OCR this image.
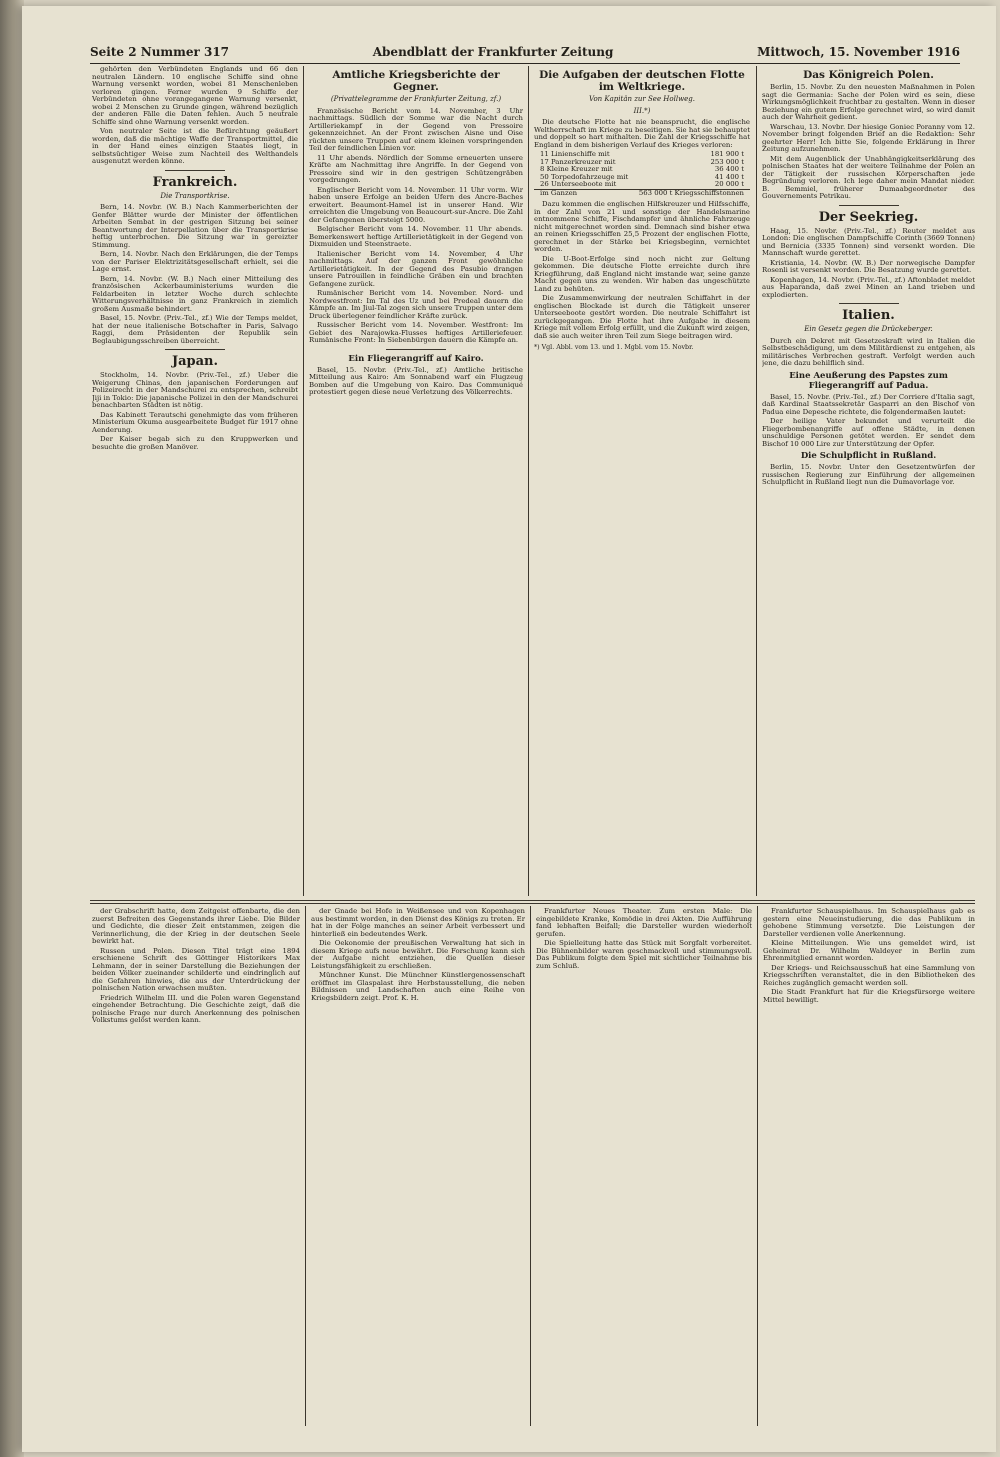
Seite 2 Nummer 317	Abendblatt der Frankfurter Zeitung	Mittwoch, 15. November 1916

gehörten den Verbündeten Englands und 66 den neutralen Ländern. 10 englische Schiffe sind ohne Warnung versenkt worden, wobei 81 Menschenleben verloren gingen. Ferner wurden 9 Schiffe der Verbündeten ohne vorangegangene Warnung versenkt, wobei 2 Menschen zu Grunde gingen, während bezüglich der anderen Fälle die Daten fehlen. Auch 5 neutrale Schiffe sind ohne Warnung versenkt worden.

Von neutraler Seite ist die Befürchtung geäußert worden, daß die mächtige Waffe der Transportmittel, die in der Hand eines einzigen Staates liegt, in selbstsüchtiger Weise zum Nachteil des Welthandels ausgenutzt werden könne.

Frankreich.
Die Transportkrise.

Bern, 14. Novbr. (W. B.) Nach Kammerberichten der Genfer Blätter wurde der Minister der öffentlichen Arbeiten Sembat in der gestrigen Sitzung bei seiner Beantwortung der Interpellation über die Transportkrise heftig unterbrochen. Die Sitzung war in gereizter Stimmung.

Bern, 14. Novbr. Nach den Erklärungen, die der Temps von der Pariser Elektrizitätsgesellschaft erhielt, sei die Lage ernst.

Bern, 14. Novbr. (W. B.) Nach einer Mitteilung des französischen Ackerbauministeriums wurden die Feldarbeiten in letzter Woche durch schlechte Witterungsverhältnisse in ganz Frankreich in ziemlich großem Ausmaße behindert.

Basel, 15. Novbr. (Priv.-Tel., zf.) Wie der Temps meldet, hat der neue italienische Botschafter in Paris, Salvago Raggi, dem Präsidenten der Republik sein Beglaubigungsschreiben überreicht.

Japan.

Stockholm, 14. Novbr. (Priv.-Tel., zf.) Ueber die Weigerung Chinas, den japanischen Forderungen auf Polizeirecht in der Mandschurei zu entsprechen, schreibt Jiji in Tokio: Die japanische Polizei in den der Mandschurei benachbarten Städten ist nötig.

Das Kabinett Terautschi genehmigte das vom früheren Ministerium Okuma ausgearbeitete Budget für 1917 ohne Aenderung.

Der Kaiser begab sich zu den Kruppwerken und besuchte die großen Manöver.

Amtliche Kriegsberichte der Gegner.
(Privattelegramme der Frankfurter Zeitung, zf.)

Französische Bericht vom 14. November, 3 Uhr nachmittags. Südlich der Somme war die Nacht durch Artilleriekampf in der Gegend von Pressoire gekennzeichnet. An der Front zwischen Aisne und Oise rückten unsere Truppen auf einem kleinen vorspringenden Teil der feindlichen Linien vor.

11 Uhr abends. Nördlich der Somme erneuerten unsere Kräfte am Nachmittag ihre Angriffe. In der Gegend von Pressoire sind wir in den gestrigen Schützengräben vorgedrungen.

Englischer Bericht vom 14. November. 11 Uhr vorm. Wir haben unsere Erfolge an beiden Ufern des Ancre-Baches erweitert. Beaumont-Hamel ist in unserer Hand. Wir erreichten die Umgebung von Beaucourt-sur-Ancre. Die Zahl der Gefangenen übersteigt 5000.

Belgischer Bericht vom 14. November. 11 Uhr abends. Bemerkenswert heftige Artillerietätigkeit in der Gegend von Dixmuiden und Steenstraete.

Italienischer Bericht vom 14. November, 4 Uhr nachmittags. Auf der ganzen Front gewöhnliche Artillerietätigkeit. In der Gegend des Pasubio drangen unsere Patrouillen in feindliche Gräben ein und brachten Gefangene zurück.

Rumänischer Bericht vom 14. November. Nord- und Nordwestfront: Im Tal des Uz und bei Predeal dauern die Kämpfe an. Im Jiul-Tal zogen sich unsere Truppen unter dem Druck überlegener feindlicher Kräfte zurück.

Russischer Bericht vom 14. November. Westfront: Im Gebiet des Narajowka-Flusses heftiges Artilleriefeuer. Rumänische Front: In Siebenbürgen dauern die Kämpfe an.

Ein Fliegerangriff auf Kairo.

Basel, 15. Novbr. (Priv.-Tel., zf.) Amtliche britische Mitteilung aus Kairo: Am Sonnabend warf ein Flugzeug Bomben auf die Umgebung von Kairo. Das Communiqué protestiert gegen diese neue Verletzung des Völkerrechts.

Die Aufgaben der deutschen Flotte im Weltkriege.
Von Kapitän zur See Hollweg.
III.*)

Die deutsche Flotte hat nie beansprucht, die englische Weltherrschaft im Kriege zu beseitigen. Sie hat sie behauptet und doppelt so hart mithalten. Die Zahl der Kriegsschiffe hat England in dem bisherigen Verlauf des Krieges verloren:

11 Linienschiffe mit	181 900 t
17 Panzerkreuzer mit	253 000 t
8 Kleine Kreuzer mit	36 400 t
50 Torpedofahrzeuge mit	41 400 t
26 Unterseeboote mit	20 000 t
im Ganzen	563 000 t Kriegsschiffstonnen

Dazu kommen die englischen Hilfskreuzer und Hilfsschiffe, in der Zahl von 21 und sonstige der Handelsmarine entnommene Schiffe, Fischdampfer und ähnliche Fahrzeuge nicht mitgerechnet worden sind. Demnach sind bisher etwa an reinen Kriegsschiffen 25,5 Prozent der englischen Flotte, gerechnet in der Stärke bei Kriegsbeginn, vernichtet worden.

Die U-Boot-Erfolge sind noch nicht zur Geltung gekommen. Die deutsche Flotte erreichte durch ihre Kriegführung, daß England nicht imstande war, seine ganze Macht gegen uns zu wenden. Wir haben das ungeschützte Land zu behüten.

Die Zusammenwirkung der neutralen Schiffahrt in der englischen Blockade ist durch die Tätigkeit unserer Unterseeboote gestört worden. Die neutrale Schiffahrt ist zurückgegangen. Die Flotte hat ihre Aufgabe in diesem Kriege mit vollem Erfolg erfüllt, und die Zukunft wird zeigen, daß sie auch weiter ihren Teil zum Siege beitragen wird.

*) Vgl. Abbl. vom 13. und 1. Mgbl. vom 15. Novbr.
Das Königreich Polen.

Berlin, 15. Novbr. Zu den neuesten Maßnahmen in Polen sagt die Germania: Sache der Polen wird es sein, diese Wirkungsmöglichkeit fruchtbar zu gestalten. Wenn in dieser Beziehung ein gutem Erfolge gerechnet wird, so wird damit auch der Wahrheit gedient.

Warschau, 13. Novbr. Der hiesige Goniec Poranny vom 12. November bringt folgenden Brief an die Redaktion: Sehr geehrter Herr! Ich bitte Sie, folgende Erklärung in Ihrer Zeitung aufzunehmen.

Mit dem Augenblick der Unabhängigkeitserklärung des polnischen Staates hat der weitere Teilnahme der Polen an der Tätigkeit der russischen Körperschaften jede Begründung verloren. Ich lege daher mein Mandat nieder. B. Bemmiel, früherer Dumaabgeordneter des Gouvernements Petrikau.

Der Seekrieg.

Haag, 15. Novbr. (Priv.-Tel., zf.) Reuter meldet aus London: Die englischen Dampfschiffe Corinth (3669 Tonnen) und Bernicia (3335 Tonnen) sind versenkt worden. Die Mannschaft wurde gerettet.

Kristiania, 14. Novbr. (W. B.) Der norwegische Dampfer Rosenli ist versenkt worden. Die Besatzung wurde gerettet.

Kopenhagen, 14. Novbr. (Priv.-Tel., zf.) Aftonbladet meldet aus Haparanda, daß zwei Minen an Land trieben und explodierten.

Italien.
Ein Gesetz gegen die Drückeberger.

Durch ein Dekret mit Gesetzeskraft wird in Italien die Selbstbeschädigung, um dem Militärdienst zu entgehen, als militärisches Verbrechen gestraft. Verfolgt werden auch jene, die dazu behilflich sind.

Eine Aeußerung des Papstes zum Fliegerangriff auf Padua.

Basel, 15. Novbr. (Priv.-Tel., zf.) Der Corriere d'Italia sagt, daß Kardinal Staatssekretär Gasparri an den Bischof von Padua eine Depesche richtete, die folgendermaßen lautet:

Der heilige Vater bekundet und verurteilt die Fliegerbombenangriffe auf offene Städte, in denen unschuldige Personen getötet werden. Er sendet dem Bischof 10 000 Lire zur Unterstützung der Opfer.

Die Schulpflicht in Rußland.

Berlin, 15. Novbr. Unter den Gesetzentwürfen der russischen Regierung zur Einführung der allgemeinen Schulpflicht in Rußland liegt nun die Dumavorlage vor.

der Grabschrift hatte, dem Zeitgeist offenbarte, die den zuerst Befreiten des Gegenstands ihrer Liebe. Die Bilder und Gedichte, die dieser Zeit entstammen, zeigen die Verinnerlichung, die der Krieg in der deutschen Seele bewirkt hat.

Russen und Polen. Diesen Titel trägt eine 1894 erschienene Schrift des Göttinger Historikers Max Lehmann, der in seiner Darstellung die Beziehungen der beiden Völker zueinander schilderte und eindringlich auf die Gefahren hinwies, die aus der Unterdrückung der polnischen Nation erwachsen mußten.

Friedrich Wilhelm III. und die Polen waren Gegenstand eingehender Betrachtung. Die Geschichte zeigt, daß die polnische Frage nur durch Anerkennung des polnischen Volkstums gelöst werden kann.

der Gnade bei Hofe in Weißensee und von Kopenhagen aus bestimmt worden, in den Dienst des Königs zu treten. Er hat in der Folge manches an seiner Arbeit verbessert und hinterließ ein bedeutendes Werk.

Die Oekonomie der preußischen Verwaltung hat sich in diesem Kriege aufs neue bewährt. Die Forschung kann sich der Aufgabe nicht entziehen, die Quellen dieser Leistungsfähigkeit zu erschließen.

Münchner Kunst. Die Münchner Künstlergenossenschaft eröffnet im Glaspalast ihre Herbstausstellung, die neben Bildnissen und Landschaften auch eine Reihe von Kriegsbildern zeigt. Prof. K. H.

Frankfurter Neues Theater. Zum ersten Male: Die eingebildete Kranke, Komödie in drei Akten. Die Aufführung fand lebhaften Beifall; die Darsteller wurden wiederholt gerufen.

Die Spielleitung hatte das Stück mit Sorgfalt vorbereitet. Die Bühnenbilder waren geschmackvoll und stimmungsvoll. Das Publikum folgte dem Spiel mit sichtlicher Teilnahme bis zum Schluß.

Frankfurter Schauspielhaus. Im Schauspielhaus gab es gestern eine Neueinstudierung, die das Publikum in gehobene Stimmung versetzte. Die Leistungen der Darsteller verdienen volle Anerkennung.

Kleine Mitteilungen. Wie uns gemeldet wird, ist Geheimrat Dr. Wilhelm Waldeyer in Berlin zum Ehrenmitglied ernannt worden.

Der Kriegs- und Reichsausschuß hat eine Sammlung von Kriegsschriften veranstaltet, die in den Bibliotheken des Reiches zugänglich gemacht werden soll.

Die Stadt Frankfurt hat für die Kriegsfürsorge weitere Mittel bewilligt.
